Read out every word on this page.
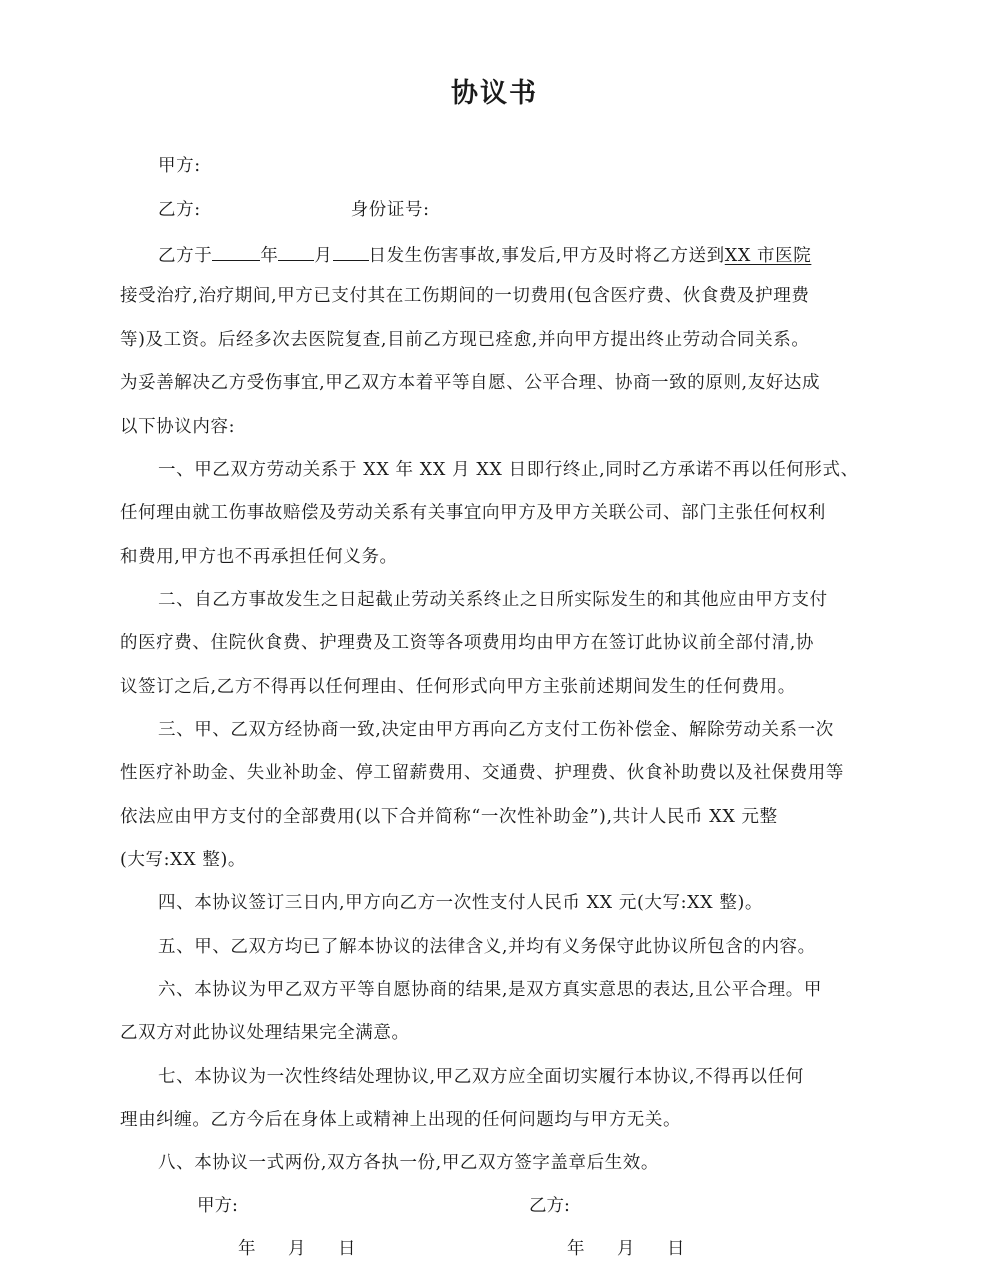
协议书
甲方:
乙方:	身份证号:
乙方于	年 月 日发生伤害事故,事发后,甲方及时将乙方送到XX 市医院
接受治疗,治疗期间,甲方已支付其在工伤期间的一切费用(包含医疗费、伙食费及护理费
等)及工资。后经多次去医院复查,目前乙方现已痊愈,并向甲方提出终止劳动合同关系。
为妥善解决乙方受伤事宜,甲乙双方本着平等自愿、公平合理、协商一致的原则,友好达成
以下协议内容:
一、甲乙双方劳动关系于 XX 年 XX 月 XX 日即行终止,同时乙方承诺不再以任何形式、
任何理由就工伤事故赔偿及劳动关系有关事宜向甲方及甲方关联公司、部门主张任何权利
和费用,甲方也不再承担任何义务。
二、自乙方事故发生之日起截止劳动关系终止之日所实际发生的和其他应由甲方支付
的医疗费、住院伙食费、护理费及工资等各项费用均由甲方在签订此协议前全部付清,协
议签订之后,乙方不得再以任何理由、任何形式向甲方主张前述期间发生的任何费用。
三、甲、乙双方经协商一致,决定由甲方再向乙方支付工伤补偿金、解除劳动关系一次
性医疗补助金、失业补助金、停工留薪费用、交通费、护理费、伙食补助费以及社保费用等
依法应由甲方支付的全部费用(以下合并简称“一次性补助金”),共计人民币 XX 元整
(大写:XX 整)。
四、本协议签订三日内,甲方向乙方一次性支付人民币 XX 元(大写:XX 整)。
五、甲、乙双方均已了解本协议的法律含义,并均有义务保守此协议所包含的内容。
六、本协议为甲乙双方平等自愿协商的结果,是双方真实意思的表达,且公平合理。甲
乙双方对此协议处理结果完全满意。
七、本协议为一次性终结处理协议,甲乙双方应全面切实履行本协议,不得再以任何
理由纠缠。乙方今后在身体上或精神上出现的任何问题均与甲方无关。
八、本协议一式两份,双方各执一份,甲乙双方签字盖章后生效。
甲方:	乙方:
年 月 日	年 月 日
